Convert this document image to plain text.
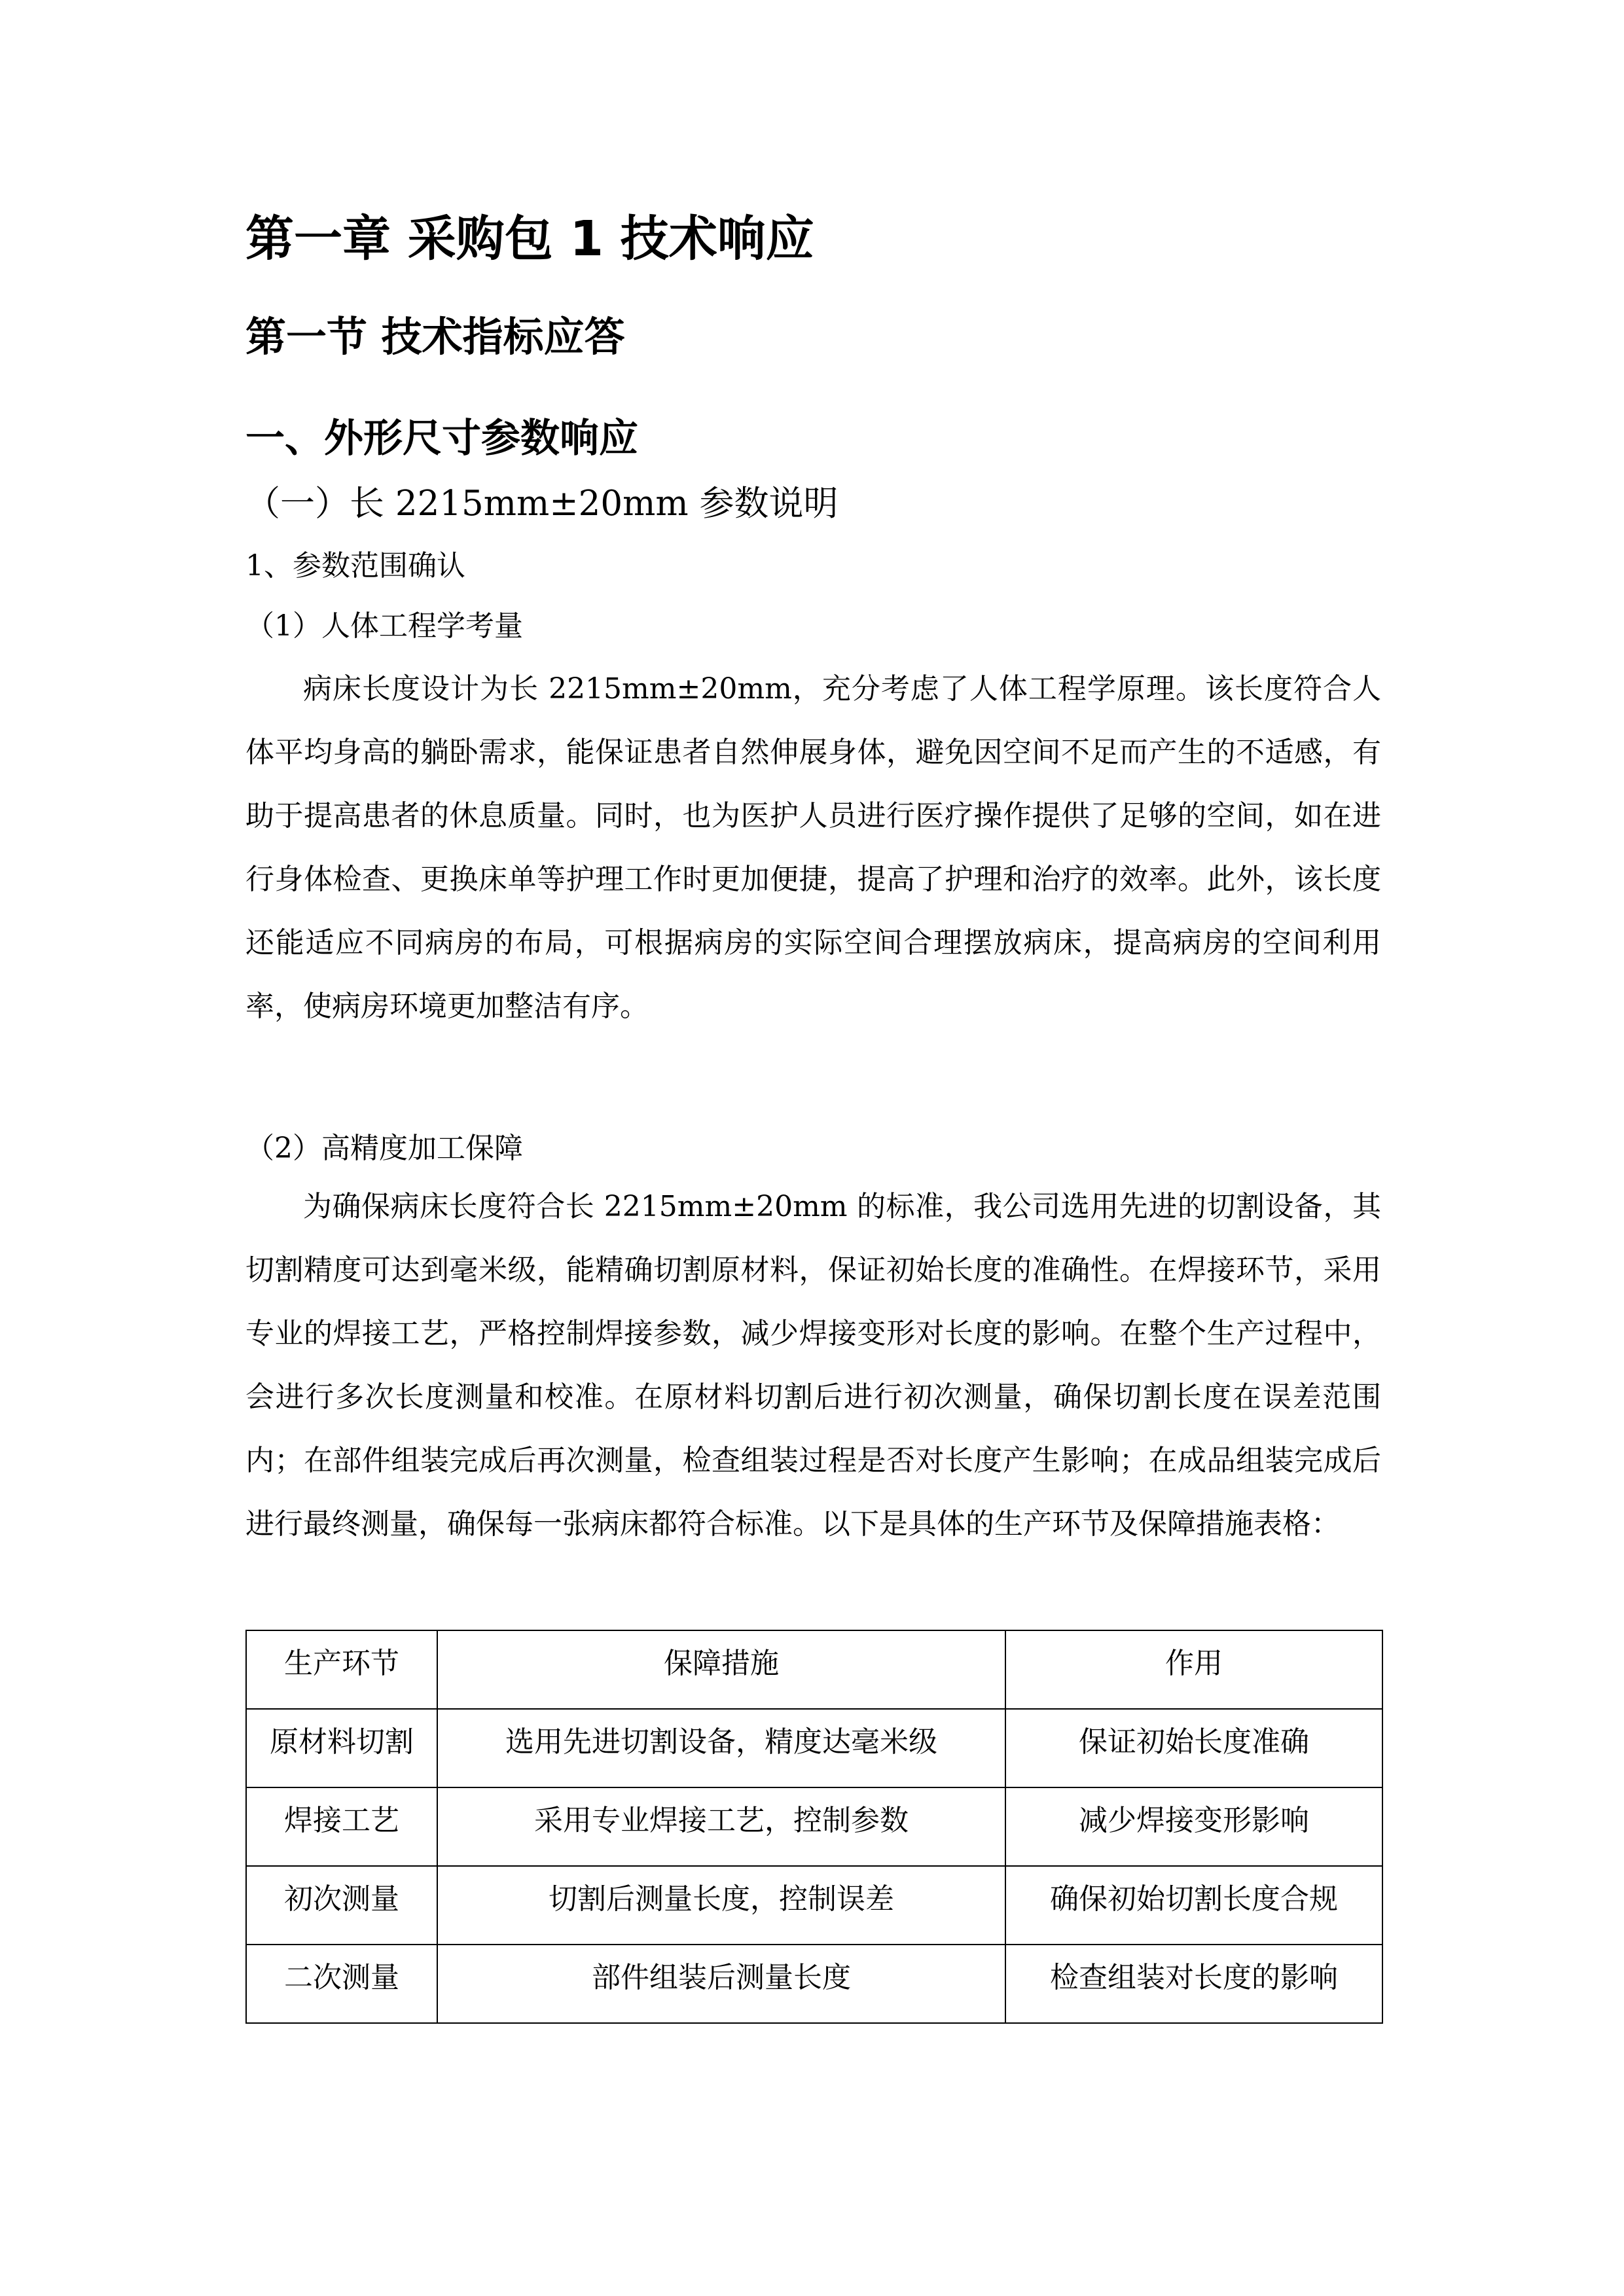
第一章 采购包 1 技术响应
第一节 技术指标应答
一、外形尺寸参数响应
（一）长 2215mm±20mm 参数说明
1、参数范围确认
（1）人体工程学考量

病床长度设计为长 2215mm±20mm，充分考虑了人体工程学原理。该长度符合人体平均身高的躺卧需求，能保证患者自然伸展身体，避免因空间不足而产生的不适感，有助于提高患者的休息质量。同时，也为医护人员进行医疗操作提供了足够的空间，如在进行身体检查、更换床单等护理工作时更加便捷，提高了护理和治疗的效率。此外，该长度还能适应不同病房的布局，可根据病房的实际空间合理摆放病床，提高病房的空间利用率，使病房环境更加整洁有序。

（2）高精度加工保障

为确保病床长度符合长 2215mm±20mm 的标准，我公司选用先进的切割设备，其切割精度可达到毫米级，能精确切割原材料，保证初始长度的准确性。在焊接环节，采用专业的焊接工艺，严格控制焊接参数，减少焊接变形对长度的影响。在整个生产过程中，会进行多次长度测量和校准。在原材料切割后进行初次测量，确保切割长度在误差范围内；在部件组装完成后再次测量，检查组装过程是否对长度产生影响；在成品组装完成后进行最终测量，确保每一张病床都符合标准。以下是具体的生产环节及保障措施表格：

生产环节	保障措施	作用
原材料切割	选用先进切割设备，精度达毫米级	保证初始长度准确
焊接工艺	采用专业焊接工艺，控制参数	减少焊接变形影响
初次测量	切割后测量长度，控制误差	确保初始切割长度合规
二次测量	部件组装后测量长度	检查组装对长度的影响
